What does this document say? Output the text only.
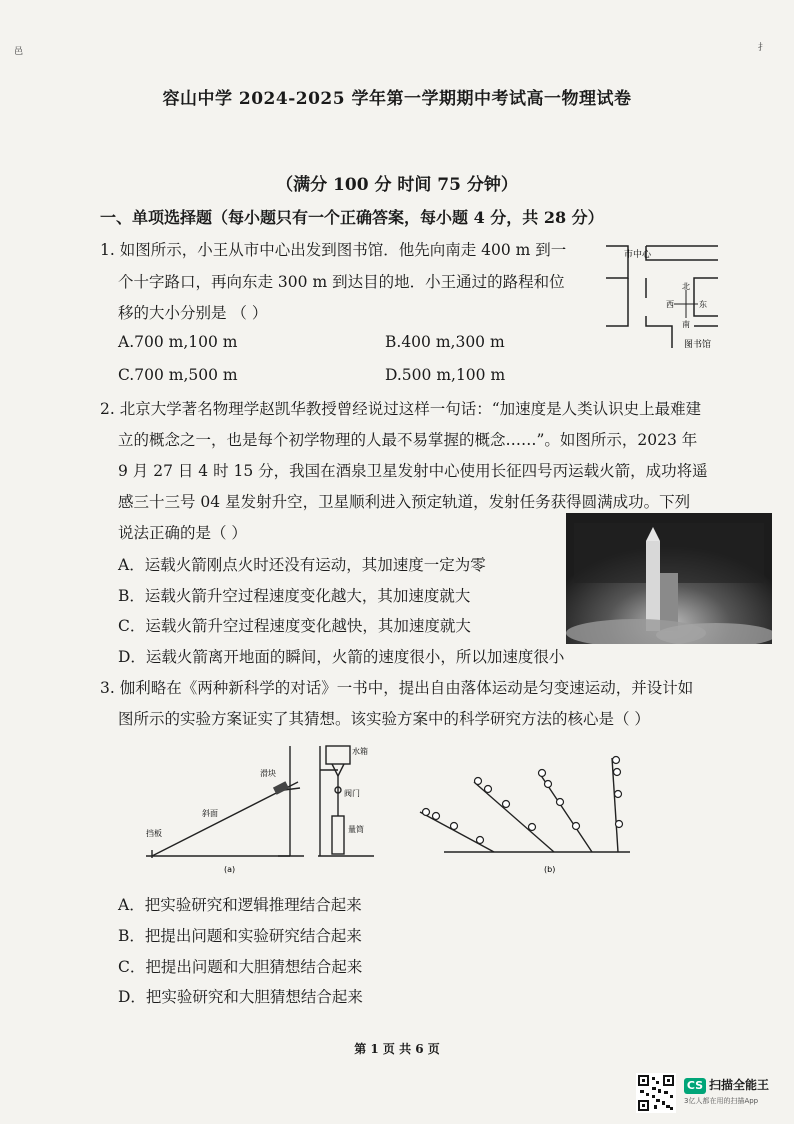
邑	扌
容山中学 2024-2025 学年第一学期期中考试高一物理试卷
（满分 100 分 时间 75 分钟）
一、单项选择题（每小题只有一个正确答案，每小题 4 分，共 28 分）
1. 如图所示，小王从市中心出发到图书馆．他先向南走 400 m 到一
个十字路口，再向东走 300 m 到达目的地．小王通过的路程和位
移的大小分别是 （ ）
A.700 m,100 m	B.400 m,300 m
C.700 m,500 m	D.500 m,100 m
市中心
北
南
东
西
图书馆
2. 北京大学著名物理学赵凯华教授曾经说过这样一句话：“加速度是人类认识史上最难建
立的概念之一，也是每个初学物理的人最不易掌握的概念……”。如图所示，2023 年
9 月 27 日 4 时 15 分，我国在酒泉卫星发射中心使用长征四号丙运载火箭，成功将遥
感三十三号 04 星发射升空，卫星顺利进入预定轨道，发射任务获得圆满成功。下列
说法正确的是（ ）
A．运载火箭刚点火时还没有运动，其加速度一定为零
B．运载火箭升空过程速度变化越大，其加速度就大
C．运载火箭升空过程速度变化越快，其加速度就大
D．运载火箭离开地面的瞬间，火箭的速度很小，所以加速度很小
3. 伽利略在《两种新科学的对话》一书中，提出自由落体运动是匀变速运动，并设计如
图所示的实验方案证实了其猜想。该实验方案中的科学研究方法的核心是（ ）
滑块
斜面
挡板
水箱
阀门
量筒
(a)	(b)
A．把实验研究和逻辑推理结合起来
B．把提出问题和实验研究结合起来
C．把提出问题和大胆猜想结合起来
D．把实验研究和大胆猜想结合起来
第 1 页 共 6 页
CS 扫描全能王
3亿人都在用的扫描App
